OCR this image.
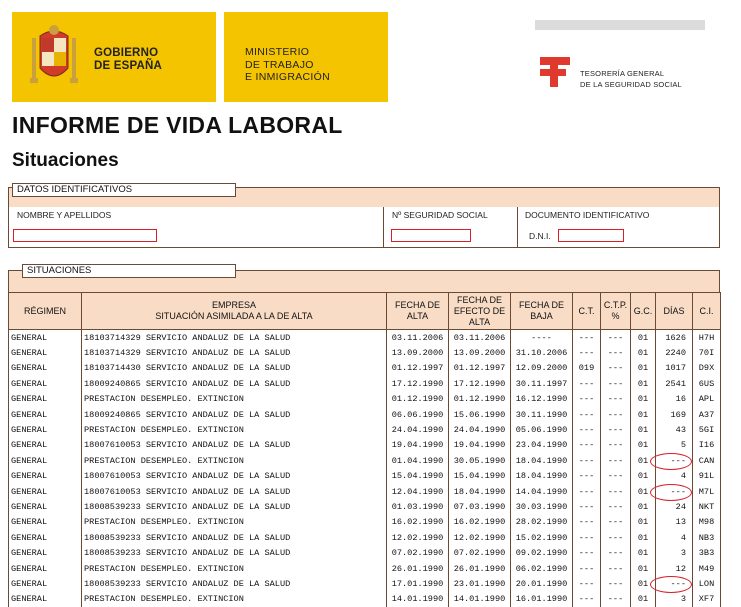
GOBIERNO
DE ESPAÑA
MINISTERIO
DE TRABAJO
E INMIGRACIÓN	TESORERÍA GENERAL
DE LA SEGURIDAD SOCIAL
INFORME DE VIDA LABORAL
Situaciones
DATOS IDENTIFICATIVOS
NOMBRE Y APELLIDOS	Nº SEGURIDAD SOCIAL	DOCUMENTO IDENTIFICATIVO
D.N.I.
SITUACIONES
RÉGIMEN	EMPRESA
SITUACIÓN ASIMILADA A LA DE ALTA	FECHA DE ALTA	FECHA DE EFECTO DE ALTA	FECHA DE BAJA	C.T.	C.T.P. %	G.C.	DÍAS	C.I.
GENERAL	18103714329 SERVICIO ANDALUZ DE LA SALUD	03.11.2006	03.11.2006	----	---	---	01	1626	H7H
GENERAL	18103714329 SERVICIO ANDALUZ DE LA SALUD	13.09.2000	13.09.2000	31.10.2006	---	---	01	2240	70I
GENERAL	18103714430 SERVICIO ANDALUZ DE LA SALUD	01.12.1997	01.12.1997	12.09.2000	019	---	01	1017	D9X
GENERAL	18009240865 SERVICIO ANDALUZ DE LA SALUD	17.12.1990	17.12.1990	30.11.1997	---	---	01	2541	6US
GENERAL	PRESTACION DESEMPLEO. EXTINCION	01.12.1990	01.12.1990	16.12.1990	---	---	01	16	APL
GENERAL	18009240865 SERVICIO ANDALUZ DE LA SALUD	06.06.1990	15.06.1990	30.11.1990	---	---	01	169	A37
GENERAL	PRESTACION DESEMPLEO. EXTINCION	24.04.1990	24.04.1990	05.06.1990	---	---	01	43	5GI
GENERAL	18007610053 SERVICIO ANDALUZ DE LA SALUD	19.04.1990	19.04.1990	23.04.1990	---	---	01	5	I16
GENERAL	PRESTACION DESEMPLEO. EXTINCION	01.04.1990	30.05.1990	18.04.1990	---	---	01	---	CAN
GENERAL	18007610053 SERVICIO ANDALUZ DE LA SALUD	15.04.1990	15.04.1990	18.04.1990	---	---	01	4	91L
GENERAL	18007610053 SERVICIO ANDALUZ DE LA SALUD	12.04.1990	18.04.1990	14.04.1990	---	---	01	---	M7L
GENERAL	18008539233 SERVICIO ANDALUZ DE LA SALUD	01.03.1990	07.03.1990	30.03.1990	---	---	01	24	NKT
GENERAL	PRESTACION DESEMPLEO. EXTINCION	16.02.1990	16.02.1990	28.02.1990	---	---	01	13	M98
GENERAL	18008539233 SERVICIO ANDALUZ DE LA SALUD	12.02.1990	12.02.1990	15.02.1990	---	---	01	4	NB3
GENERAL	18008539233 SERVICIO ANDALUZ DE LA SALUD	07.02.1990	07.02.1990	09.02.1990	---	---	01	3	3B3
GENERAL	PRESTACION DESEMPLEO. EXTINCION	26.01.1990	26.01.1990	06.02.1990	---	---	01	12	M49
GENERAL	18008539233 SERVICIO ANDALUZ DE LA SALUD	17.01.1990	23.01.1990	20.01.1990	---	---	01	---	LON
GENERAL	PRESTACION DESEMPLEO. EXTINCION	14.01.1990	14.01.1990	16.01.1990	---	---	01	3	XF7
